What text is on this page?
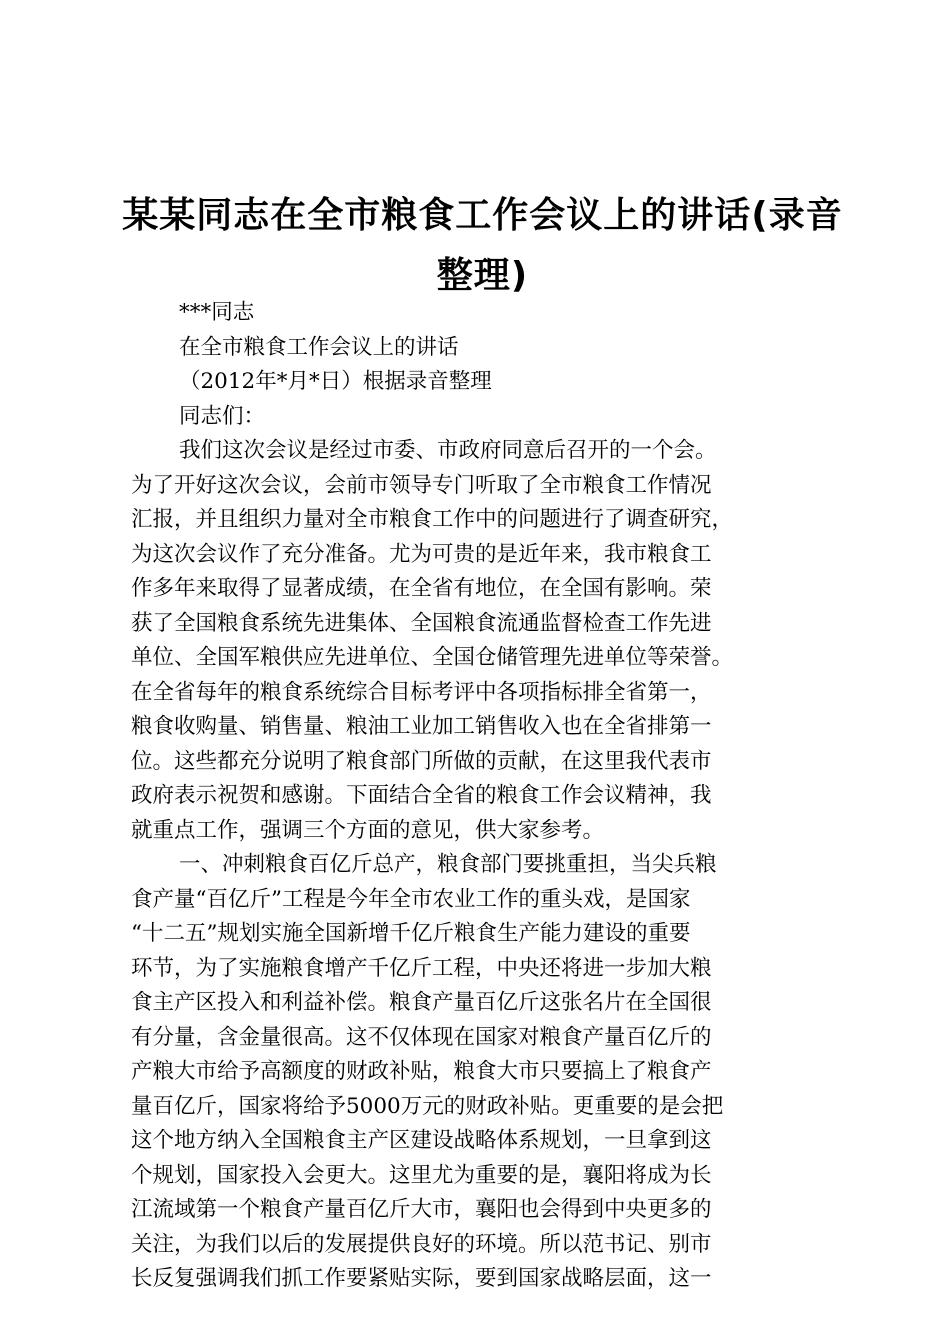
某某同志在全市粮食工作会议上的讲话(录音
整理)
***同志
在全市粮食工作会议上的讲话
（2012年*月*日）根据录音整理
同志们：
我们这次会议是经过市委、市政府同意后召开的一个会。
为了开好这次会议，会前市领导专门听取了全市粮食工作情况
汇报，并且组织力量对全市粮食工作中的问题进行了调查研究，
为这次会议作了充分准备。尤为可贵的是近年来，我市粮食工
作多年来取得了显著成绩，在全省有地位，在全国有影响。荣
获了全国粮食系统先进集体、全国粮食流通监督检查工作先进
单位、全国军粮供应先进单位、全国仓储管理先进单位等荣誉。
在全省每年的粮食系统综合目标考评中各项指标排全省第一，
粮食收购量、销售量、粮油工业加工销售收入也在全省排第一
位。这些都充分说明了粮食部门所做的贡献，在这里我代表市
政府表示祝贺和感谢。下面结合全省的粮食工作会议精神，我
就重点工作，强调三个方面的意见，供大家参考。
一、冲刺粮食百亿斤总产，粮食部门要挑重担，当尖兵粮
食产量“百亿斤”工程是今年全市农业工作的重头戏，是国家
“十二五”规划实施全国新增千亿斤粮食生产能力建设的重要
环节，为了实施粮食增产千亿斤工程，中央还将进一步加大粮
食主产区投入和利益补偿。粮食产量百亿斤这张名片在全国很
有分量，含金量很高。这不仅体现在国家对粮食产量百亿斤的
产粮大市给予高额度的财政补贴，粮食大市只要搞上了粮食产
量百亿斤，国家将给予5000万元的财政补贴。更重要的是会把
这个地方纳入全国粮食主产区建设战略体系规划，一旦拿到这
个规划，国家投入会更大。这里尤为重要的是，襄阳将成为长
江流域第一个粮食产量百亿斤大市，襄阳也会得到中央更多的
关注，为我们以后的发展提供良好的环境。所以范书记、别市
长反复强调我们抓工作要紧贴实际，要到国家战略层面，这一
